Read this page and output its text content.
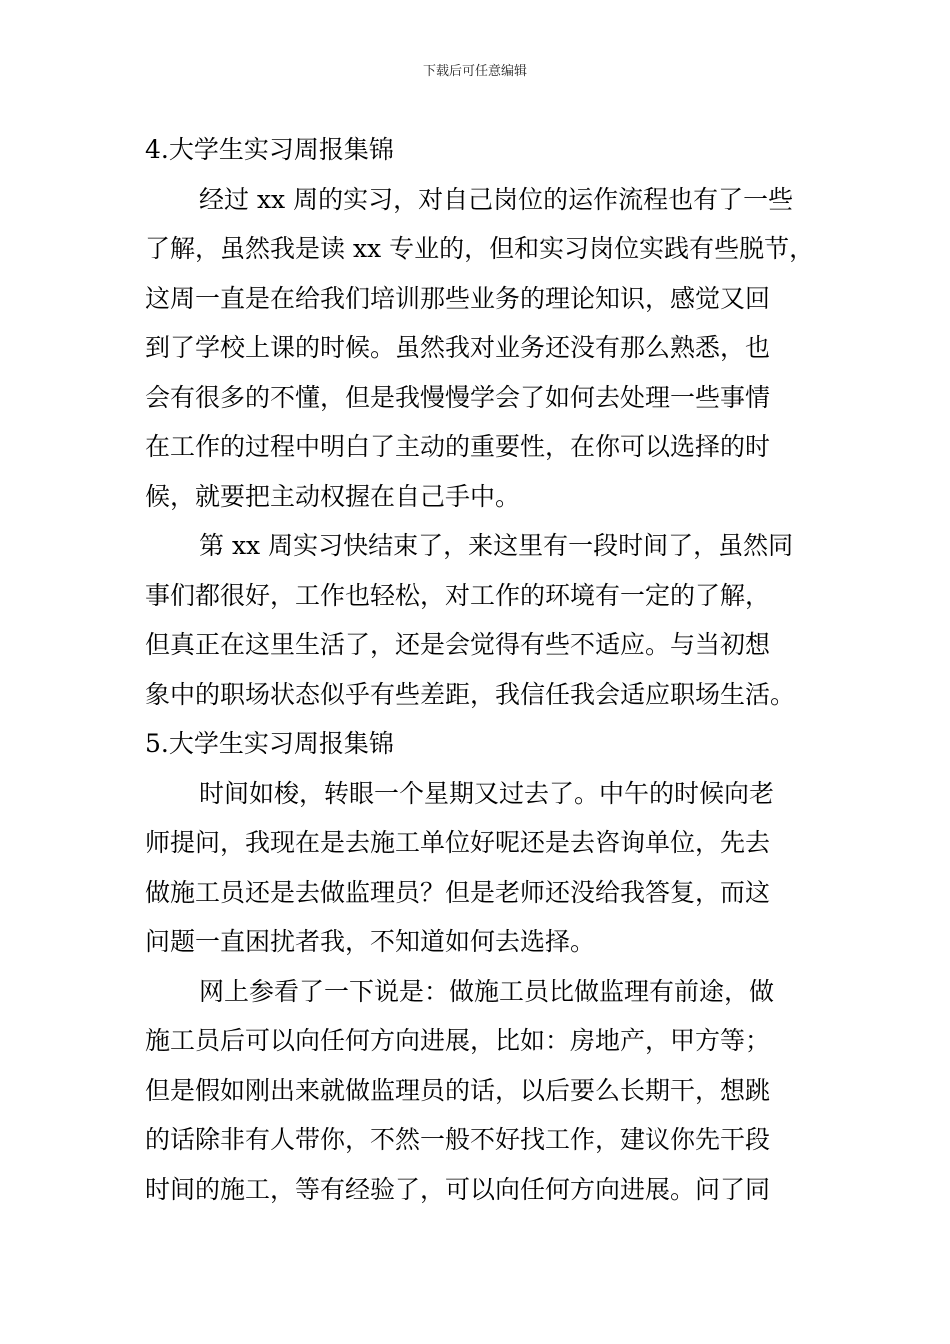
下载后可任意编辑
4.大学生实习周报集锦
经过 xx 周的实习，对自己岗位的运作流程也有了一些
了解，虽然我是读 xx 专业的，但和实习岗位实践有些脱节，
这周一直是在给我们培训那些业务的理论知识，感觉又回
到了学校上课的时候。虽然我对业务还没有那么熟悉，也
会有很多的不懂，但是我慢慢学会了如何去处理一些事情
在工作的过程中明白了主动的重要性，在你可以选择的时
候，就要把主动权握在自己手中。
第 xx 周实习快结束了，来这里有一段时间了，虽然同
事们都很好，工作也轻松，对工作的环境有一定的了解，
但真正在这里生活了，还是会觉得有些不适应。与当初想
象中的职场状态似乎有些差距，我信任我会适应职场生活。
5.大学生实习周报集锦
时间如梭，转眼一个星期又过去了。中午的时候向老
师提问，我现在是去施工单位好呢还是去咨询单位，先去
做施工员还是去做监理员？但是老师还没给我答复，而这
问题一直困扰者我，不知道如何去选择。
网上参看了一下说是：做施工员比做监理有前途，做
施工员后可以向任何方向进展，比如：房地产，甲方等；
但是假如刚出来就做监理员的话，以后要么长期干，想跳
的话除非有人带你，不然一般不好找工作，建议你先干段
时间的施工，等有经验了，可以向任何方向进展。问了同
